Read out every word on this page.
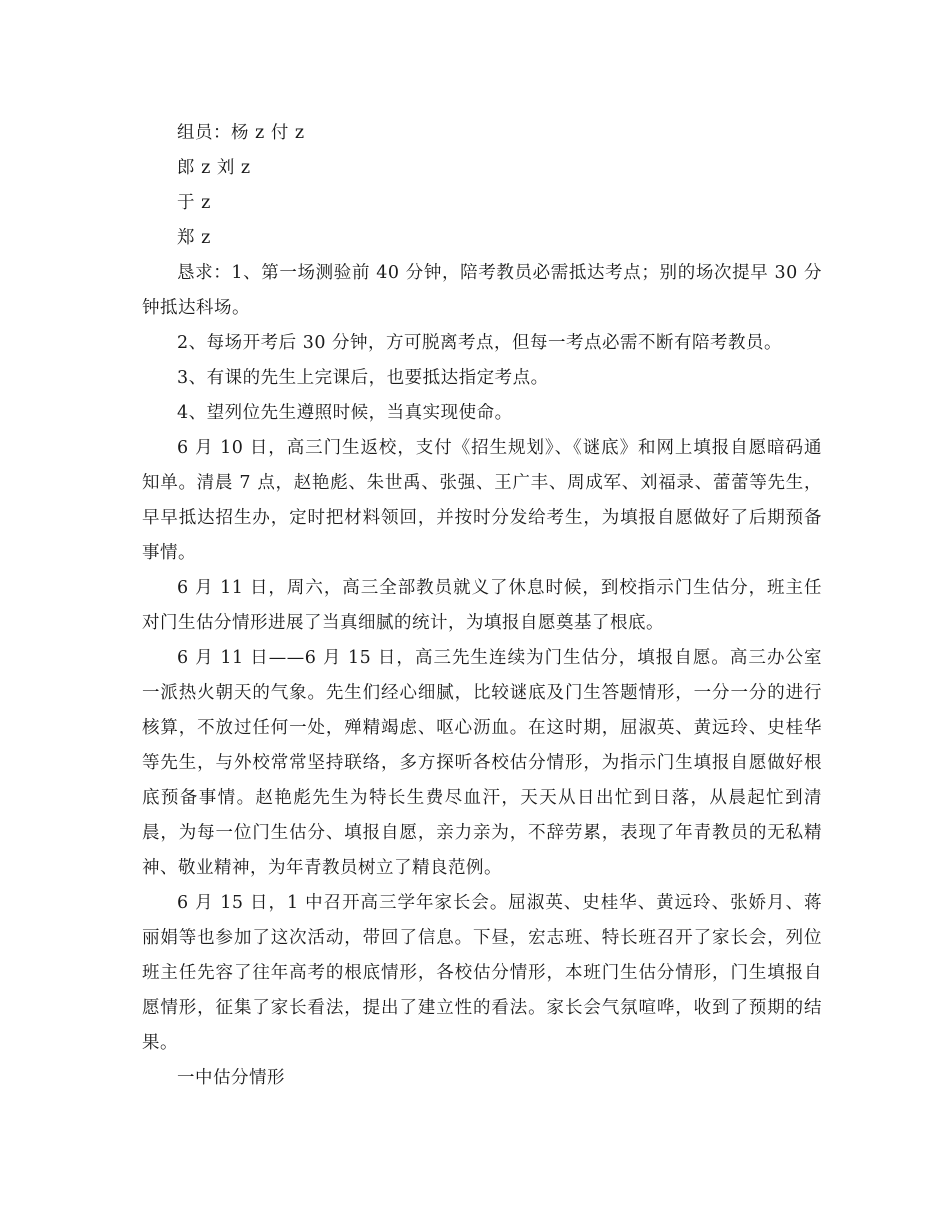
组员：杨 z 付 z

郎 z 刘 z

于 z

郑 z

恳求：1、第一场测验前 40 分钟，陪考教员必需抵达考点；别的场次提早 30 分钟抵达科场。

2、每场开考后 30 分钟，方可脱离考点，但每一考点必需不断有陪考教员。

3、有课的先生上完课后，也要抵达指定考点。

4、望列位先生遵照时候，当真实现使命。

6 月 10 日，高三门生返校，支付《招生规划》、《谜底》和网上填报自愿暗码通知单。清晨 7 点，赵艳彪、朱世禹、张强、王广丰、周成军、刘福录、蕾蕾等先生，早早抵达招生办，定时把材料领回，并按时分发给考生，为填报自愿做好了后期预备事情。

6 月 11 日，周六，高三全部教员就义了休息时候，到校指示门生估分，班主任对门生估分情形进展了当真细腻的统计，为填报自愿奠基了根底。

6 月 11 日——6 月 15 日，高三先生连续为门生估分，填报自愿。高三办公室一派热火朝天的气象。先生们经心细腻，比较谜底及门生答题情形，一分一分的进行核算，不放过任何一处，殚精竭虑、呕心沥血。在这时期，屈淑英、黄远玲、史桂华等先生，与外校常常坚持联络，多方探听各校估分情形，为指示门生填报自愿做好根底预备事情。赵艳彪先生为特长生费尽血汗，天天从日出忙到日落，从晨起忙到清晨，为每一位门生估分、填报自愿，亲力亲为，不辞劳累，表现了年青教员的无私精神、敬业精神，为年青教员树立了精良范例。

6 月 15 日，1 中召开高三学年家长会。屈淑英、史桂华、黄远玲、张娇月、蒋丽娟等也参加了这次活动，带回了信息。下昼，宏志班、特长班召开了家长会，列位班主任先容了往年高考的根底情形，各校估分情形，本班门生估分情形，门生填报自愿情形，征集了家长看法，提出了建立性的看法。家长会气氛喧哗，收到了预期的结果。

一中估分情形
